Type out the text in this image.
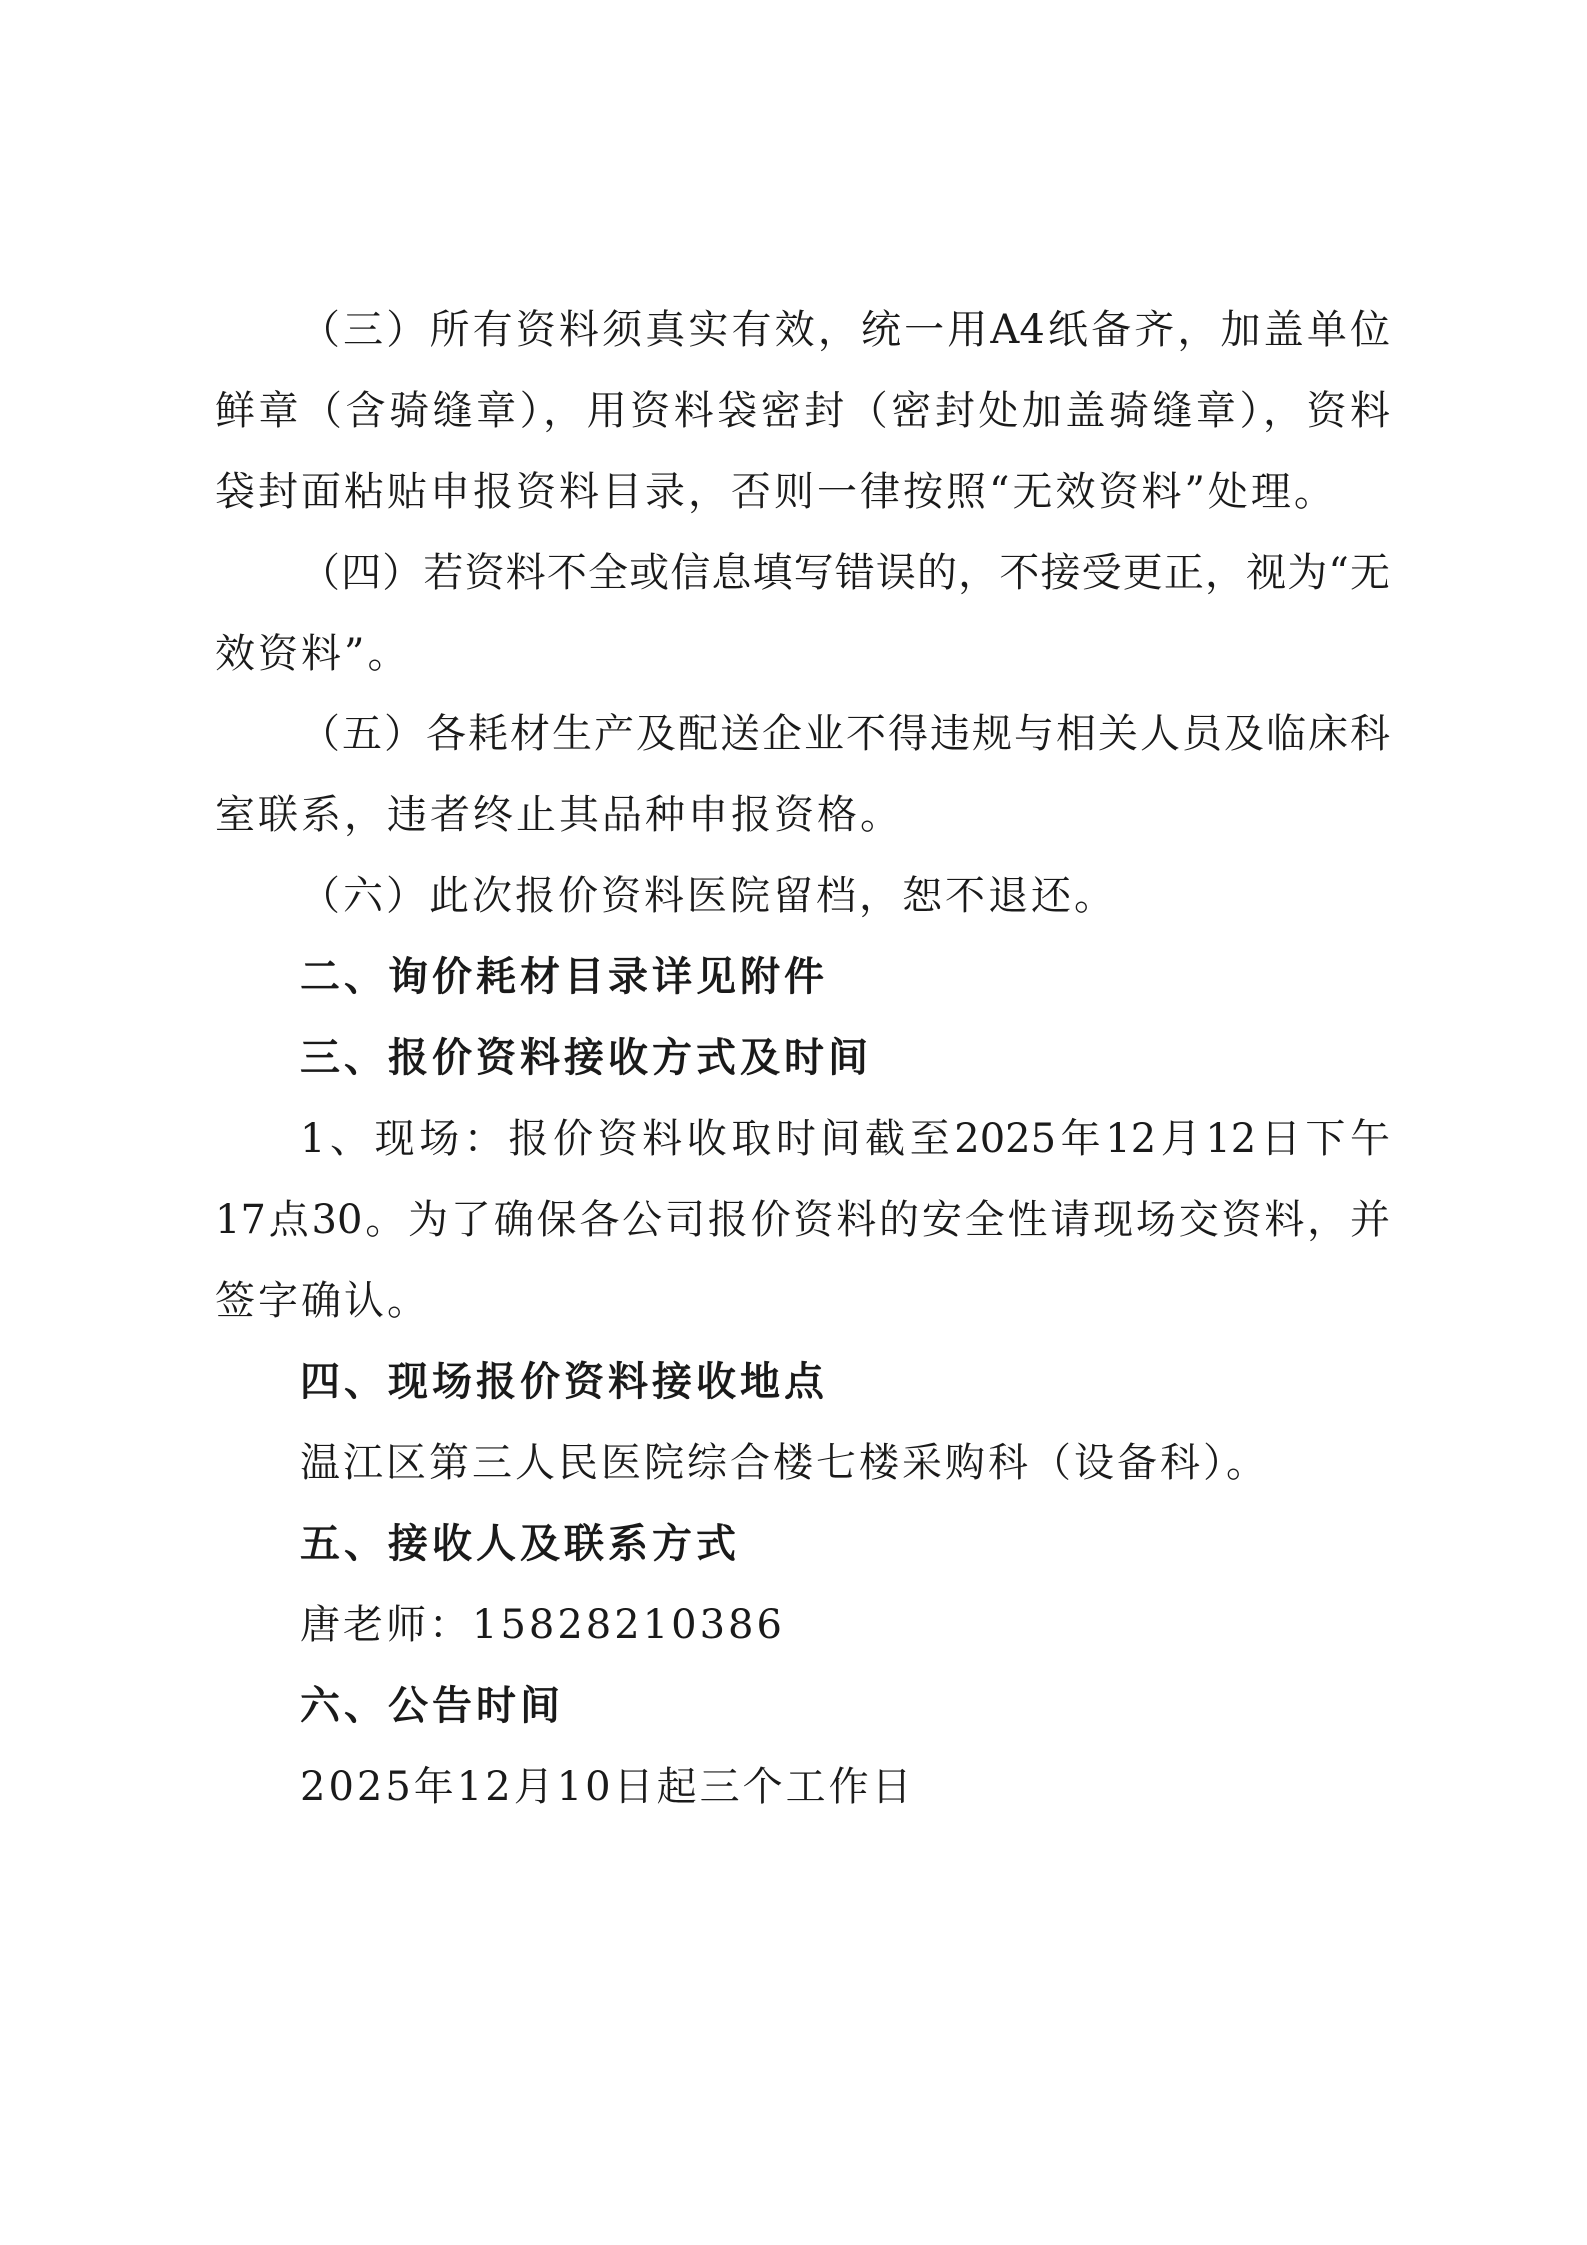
（三）所有资料须真实有效，统一用A4纸备齐，加盖单位
鲜章（含骑缝章），用资料袋密封（密封处加盖骑缝章），资料
袋封面粘贴申报资料目录，否则一律按照“无效资料”处理。
（四）若资料不全或信息填写错误的，不接受更正，视为“无
效资料”。
（五）各耗材生产及配送企业不得违规与相关人员及临床科
室联系，违者终止其品种申报资格。
（六）此次报价资料医院留档，恕不退还。
二、询价耗材目录详见附件
三、报价资料接收方式及时间
1、现场：报价资料收取时间截至2025年12月12日下午
17点30。为了确保各公司报价资料的安全性请现场交资料，并
签字确认。
四、现场报价资料接收地点
温江区第三人民医院综合楼七楼采购科（设备科）。
五、接收人及联系方式
唐老师：15828210386
六、公告时间
2025年12月10日起三个工作日
